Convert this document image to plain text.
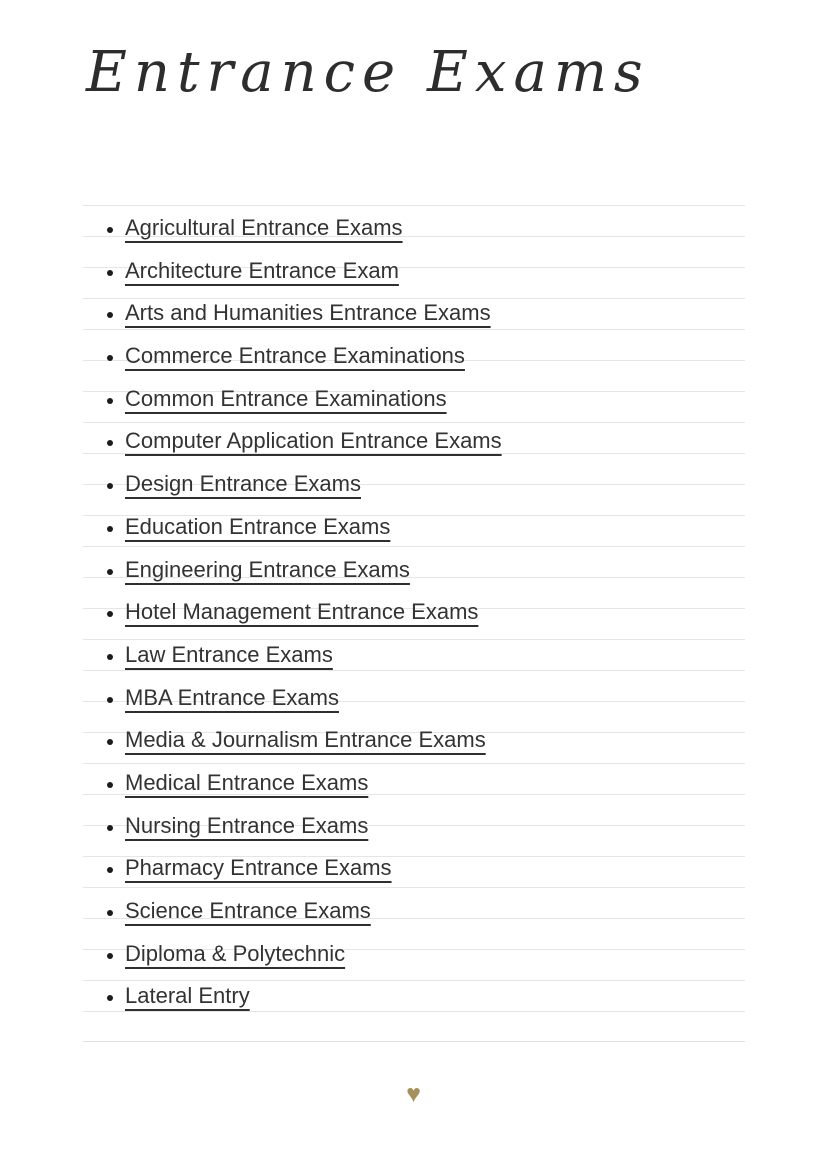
Entrance Exams
• Agricultural Entrance Exams
• Architecture Entrance Exam
• Arts and Humanities Entrance Exams
• Commerce Entrance Examinations
• Common Entrance Examinations
• Computer Application Entrance Exams
• Design Entrance Exams
• Education Entrance Exams
• Engineering Entrance Exams
• Hotel Management Entrance Exams
• Law Entrance Exams
• MBA Entrance Exams
• Media & Journalism Entrance Exams
• Medical Entrance Exams
• Nursing Entrance Exams
• Pharmacy Entrance Exams
• Science Entrance Exams
• Diploma & Polytechnic
• Lateral Entry
♥
